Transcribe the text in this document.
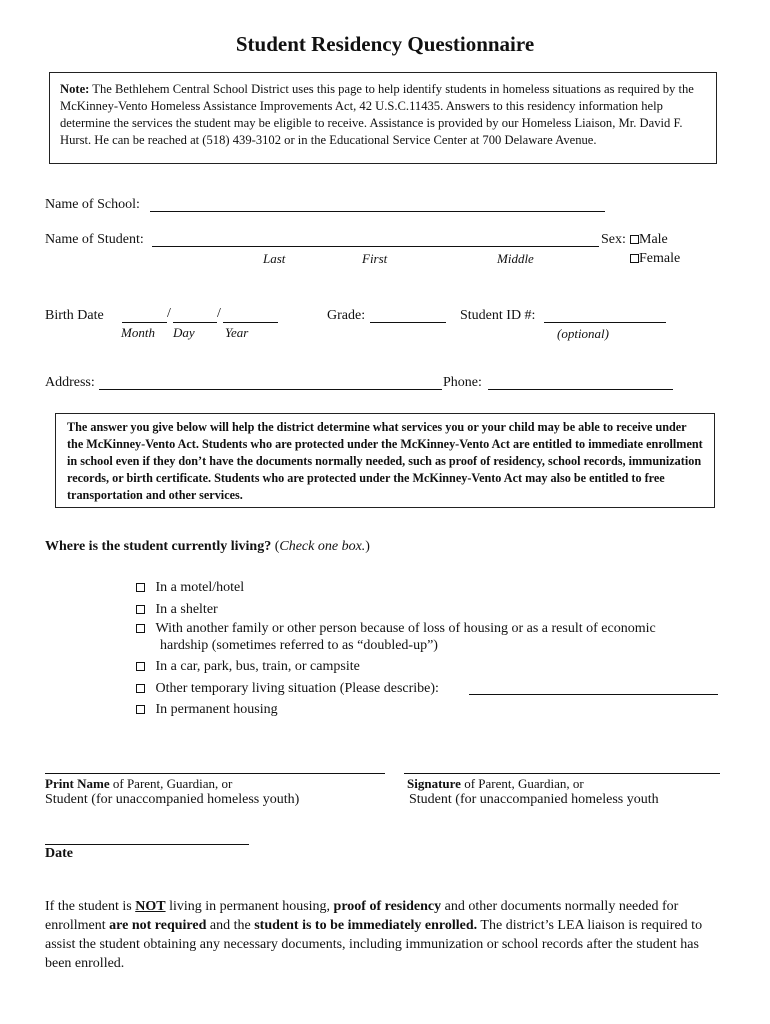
Student Residency Questionnaire
Note: The Bethlehem Central School District uses this page to help identify students in homeless situations as required by the McKinney-Vento Homeless Assistance Improvements Act, 42 U.S.C.11435. Answers to this residency information help determine the services the student may be eligible to receive. Assistance is provided by our Homeless Liaison, Mr. David F. Hurst. He can be reached at (518) 439-3102 or in the Educational Service Center at 700 Delaware Avenue.
Name of School:
Name of Student:	Sex: Male
Female
Last	First	Middle
Birth Date	/	/
Month Day Year
Grade:	Student ID #:
(optional)
Address:	Phone:
The answer you give below will help the district determine what services you or your child may be able to receive under the McKinney-Vento Act. Students who are protected under the McKinney-Vento Act are entitled to immediate enrollment in school even if they don’t have the documents normally needed, such as proof of residency, school records, immunization records, or birth certificate. Students who are protected under the McKinney-Vento Act may also be entitled to free transportation and other services.
Where is the student currently living? (Check one box.)
In a motel/hotel
In a shelter
With another family or other person because of loss of housing or as a result of economic
hardship (sometimes referred to as “doubled-up”)
In a car, park, bus, train, or campsite
Other temporary living situation (Please describe):
In permanent housing
Print Name of Parent, Guardian, or
Student (for unaccompanied homeless youth)
Signature of Parent, Guardian, or
Student (for unaccompanied homeless youth
Date
If the student is NOT living in permanent housing, proof of residency and other documents normally needed for enrollment are not required and the student is to be immediately enrolled. The district’s LEA liaison is required to assist the student obtaining any necessary documents, including immunization or school records after the student has been enrolled.
